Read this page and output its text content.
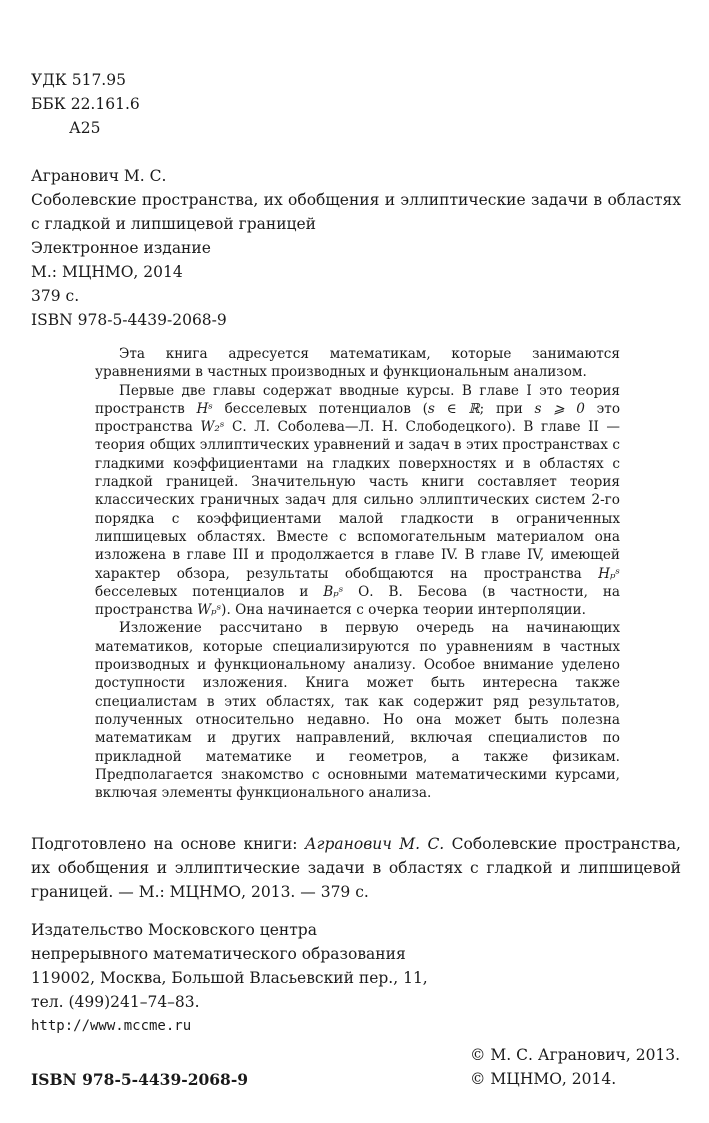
УДК 517.95
ББК 22.161.6
А25
Агранович М. С.
Соболевские пространства, их обобщения и эллиптические задачи в областях с гладкой и липшицевой границей
Электронное издание
М.: МЦНМО, 2014
379 с.
ISBN 978-5-4439-2068-9

Эта книга адресуется математикам, которые занимаются уравнениями в частных производных и функциональным анализом.

Первые две главы содержат вводные курсы. В главе I это теория пространств Hˢ бесселевых потенциалов (s ∈ ℝ; при s ⩾ 0 это пространства W₂ˢ С. Л. Соболева—Л. Н. Слободецкого). В главе II — теория общих эллиптических уравнений и задач в этих пространствах с гладкими коэффициентами на гладких поверхностях и в областях с гладкой границей. Значительную часть книги составляет теория классических граничных задач для сильно эллиптических систем 2-го порядка с коэффициентами малой гладкости в ограниченных липшицевых областях. Вместе с вспомогательным материалом она изложена в главе III и продолжается в главе IV. В главе IV, имеющей характер обзора, результаты обобщаются на пространства Hₚˢ бесселевых потенциалов и Bₚˢ О. В. Бесова (в частности, на пространства Wₚˢ). Она начинается с очерка теории интерполяции.

Изложение рассчитано в первую очередь на начинающих математиков, которые специализируются по уравнениям в частных производных и функциональному анализу. Особое внимание уделено доступности изложения. Книга может быть интересна также специалистам в этих областях, так как содержит ряд результатов, полученных относительно недавно. Но она может быть полезна математикам и других направлений, включая специалистов по прикладной математике и геометров, а также физикам. Предполагается знакомство с основными математическими курсами, включая элементы функционального анализа.

Подготовлено на основе книги: Агранович М. С. Соболевские пространства, их обобщения и эллиптические задачи в областях с гладкой и липшицевой границей. — М.: МЦНМО, 2013. — 379 с.
Издательство Московского центра
непрерывного математического образования
119002, Москва, Большой Власьевский пер., 11,
тел. (499)241–74–83.
http://www.mccme.ru
© М. С. Агранович, 2013.
© МЦНМО, 2014.
ISBN 978-5-4439-2068-9
